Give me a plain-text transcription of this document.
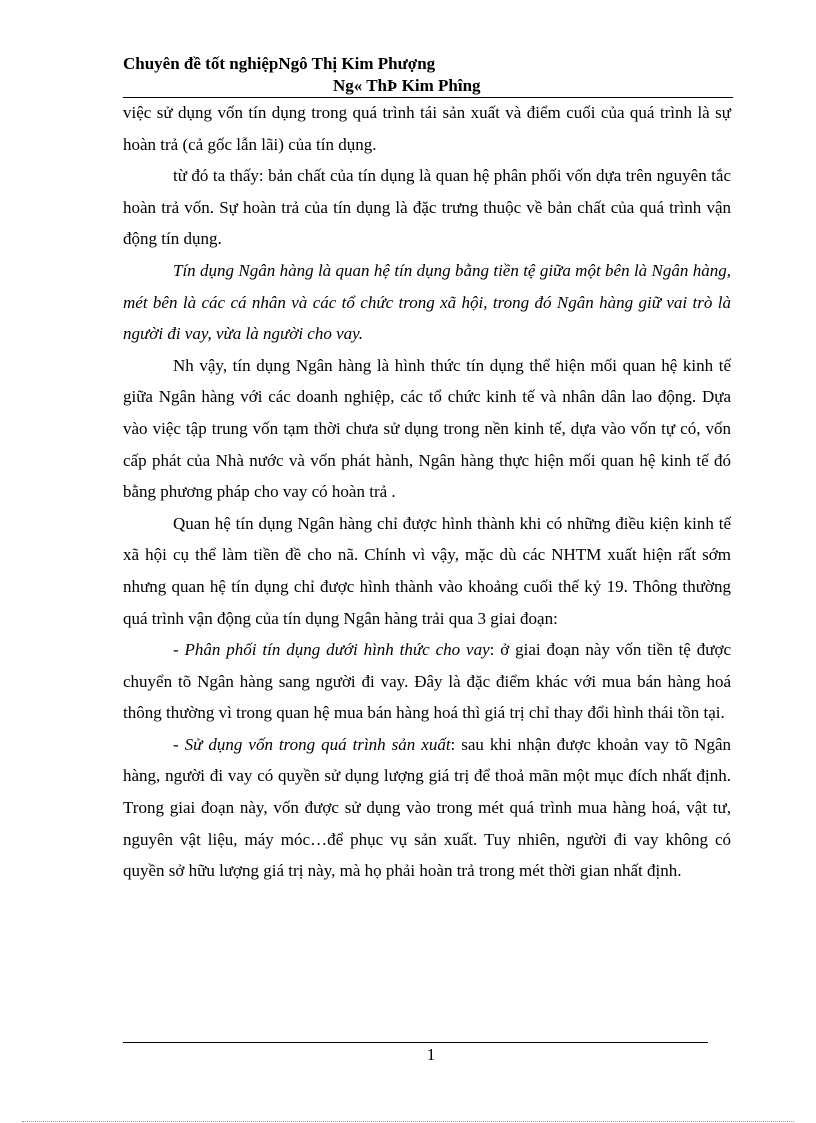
Chuyên đề tốt nghiệpNgô Thị Kim Phượng
Ng« ThÞ Kim Phîng

việc sử dụng vốn tín dụng trong quá trình tái sản xuất và điểm cuối của quá trình là sự hoàn trả (cả gốc lẫn lãi) của tín dụng.

từ đó ta thấy: bản chất của tín dụng là quan hệ phân phối vốn dựa trên nguyên tắc hoàn trả vốn. Sự hoàn trả của tín dụng là đặc trưng thuộc về bản chất của quá trình vận động tín dụng.

Tín dụng Ngân hàng là quan hệ tín dụng bằng tiền tệ giữa một bên là Ngân hàng, mét bên là các cá nhân và các tổ chức trong xã hội, trong đó Ngân hàng giữ vai trò là người đi vay, vừa là người cho vay.

Nh vậy, tín dụng Ngân hàng là hình thức tín dụng thể hiện mối quan hệ kinh tế giữa Ngân hàng với các doanh nghiệp, các tổ chức kinh tế và nhân dân lao động. Dựa vào việc tập trung vốn tạm thời chưa sử dụng trong nền kinh tế, dựa vào vốn tự có, vốn cấp phát của Nhà nước và vốn phát hành, Ngân hàng thực hiện mối quan hệ kinh tế đó bằng phương pháp cho vay có hoàn trả .

Quan hệ tín dụng Ngân hàng chỉ được hình thành khi có những điều kiện kinh tế xã hội cụ thể làm tiền đề cho nã. Chính vì vậy, mặc dù các NHTM xuất hiện rất sớm nhưng quan hệ tín dụng chỉ được hình thành vào khoảng cuối thế kỷ 19. Thông thường quá trình vận động của tín dụng Ngân hàng trải qua 3 giai đoạn:

- Phân phối tín dụng dưới hình thức cho vay: ở giai đoạn này vốn tiền tệ được chuyển tõ Ngân hàng sang người đi vay. Đây là đặc điểm khác với mua bán hàng hoá thông thường vì trong quan hệ mua bán hàng hoá thì giá trị chỉ thay đổi hình thái tồn tại.

- Sử dụng vốn trong quá trình sản xuất: sau khi nhận được khoản vay tõ Ngân hàng, người đi vay có quyền sử dụng lượng giá trị để thoả mãn một mục đích nhất định. Trong giai đoạn này, vốn được sử dụng vào trong mét quá trình mua hàng hoá, vật tư, nguyên vật liệu, máy móc…để phục vụ sản xuất. Tuy nhiên, người đi vay không có quyền sở hữu lượng giá trị này, mà họ phải hoàn trả trong mét thời gian nhất định.

1
